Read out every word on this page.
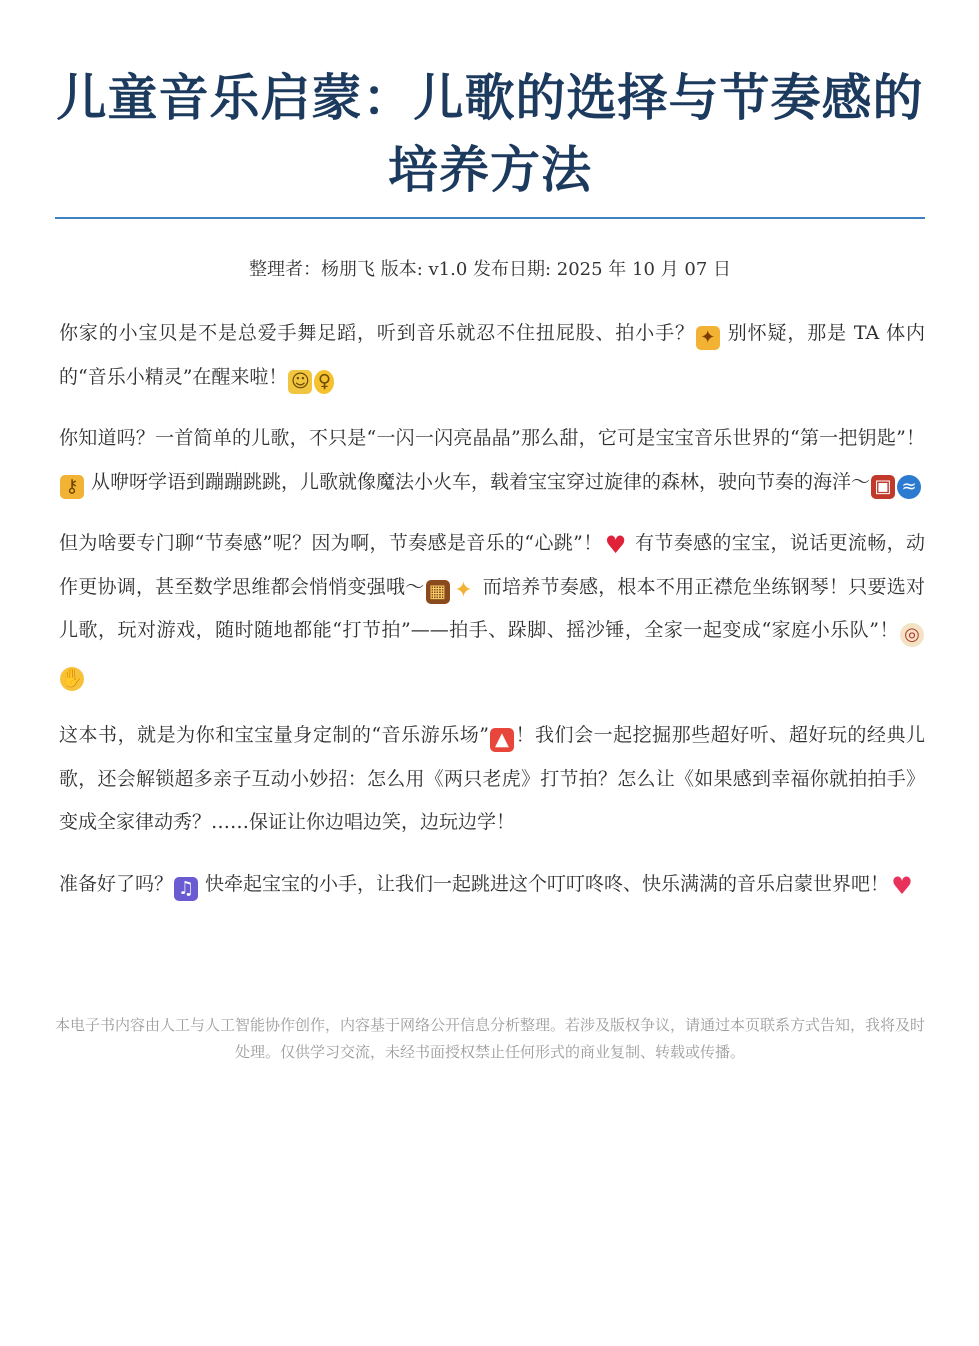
儿童音乐启蒙：儿歌的选择与节奏感的培养方法

整理者：杨朋飞 版本: v1.0 发布日期: 2025 年 10 月 07 日

你家的小宝贝是不是总爱手舞足蹈，听到音乐就忍不住扭屁股、拍小手？ ✦ 别怀疑，那是 TA 体内的“音乐小精灵”在醒来啦！ ☺ ♀

你知道吗？一首简单的儿歌，不只是“一闪一闪亮晶晶”那么甜，它可是宝宝音乐世界的“第一把钥匙”！⚷ 从咿呀学语到蹦蹦跳跳，儿歌就像魔法小火车，载着宝宝穿过旋律的森林，驶向节奏的海洋～ ▣ ≈

但为啥要专门聊“节奏感”呢？因为啊，节奏感是音乐的“心跳”！♥ 有节奏感的宝宝，说话更流畅，动作更协调，甚至数学思维都会悄悄变强哦～ ▦ ✦ 而培养节奏感，根本不用正襟危坐练钢琴！只要选对儿歌，玩对游戏，随时随地都能“打节拍”——拍手、跺脚、摇沙锤，全家一起变成“家庭小乐队”！ ◎✋

这本书，就是为你和宝宝量身定制的“音乐游乐场” ▲ ！我们会一起挖掘那些超好听、超好玩的经典儿歌，还会解锁超多亲子互动小妙招：怎么用《两只老虎》打节拍？怎么让《如果感到幸福你就拍拍手》变成全家律动秀？……保证让你边唱边笑，边玩边学！

准备好了吗？ ♫ 快牵起宝宝的小手，让我们一起跳进这个叮叮咚咚、快乐满满的音乐启蒙世界吧！♥

本电子书内容由人工与人工智能协作创作，内容基于网络公开信息分析整理。若涉及版权争议，请通过本页联系方式告知，我将及时处理。仅供学习交流，未经书面授权禁止任何形式的商业复制、转载或传播。
